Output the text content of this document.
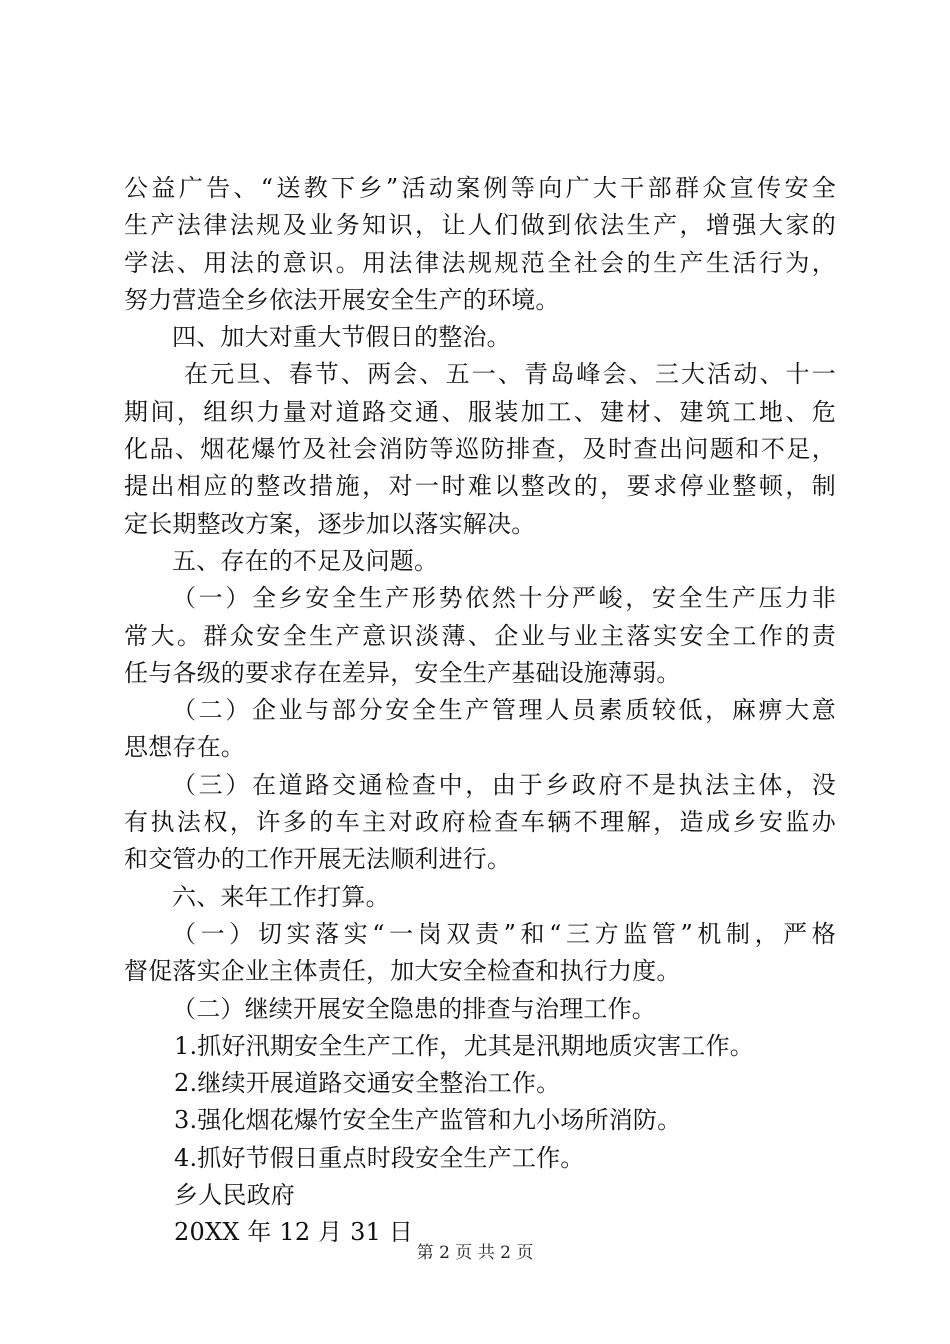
公益广告、“送教下乡”活动案例等向广大干部群众宣传安全
生产法律法规及业务知识，让人们做到依法生产，增强大家的
学法、用法的意识。用法律法规规范全社会的生产生活行为，
努力营造全乡依法开展安全生产的环境。
四、加大对重大节假日的整治。
在元旦、春节、两会、五一、青岛峰会、三大活动、十一
期间，组织力量对道路交通、服装加工、建材、建筑工地、危
化品、烟花爆竹及社会消防等巡防排查，及时查出问题和不足，
提出相应的整改措施，对一时难以整改的，要求停业整顿，制
定长期整改方案，逐步加以落实解决。
五、存在的不足及问题。
（一）全乡安全生产形势依然十分严峻，安全生产压力非
常大。群众安全生产意识淡薄、企业与业主落实安全工作的责
任与各级的要求存在差异，安全生产基础设施薄弱。
（二）企业与部分安全生产管理人员素质较低，麻痹大意
思想存在。
（三）在道路交通检查中，由于乡政府不是执法主体，没
有执法权，许多的车主对政府检查车辆不理解，造成乡安监办
和交管办的工作开展无法顺利进行。
六、来年工作打算。
（一）切实落实“一岗双责”和“三方监管”机制，严格
督促落实企业主体责任，加大安全检查和执行力度。
（二）继续开展安全隐患的排查与治理工作。
1.抓好汛期安全生产工作，尤其是汛期地质灾害工作。
2.继续开展道路交通安全整治工作。
3.强化烟花爆竹安全生产监管和九小场所消防。
4.抓好节假日重点时段安全生产工作。
乡人民政府
20XX 年 12 月 31 日
第 2 页 共 2 页
